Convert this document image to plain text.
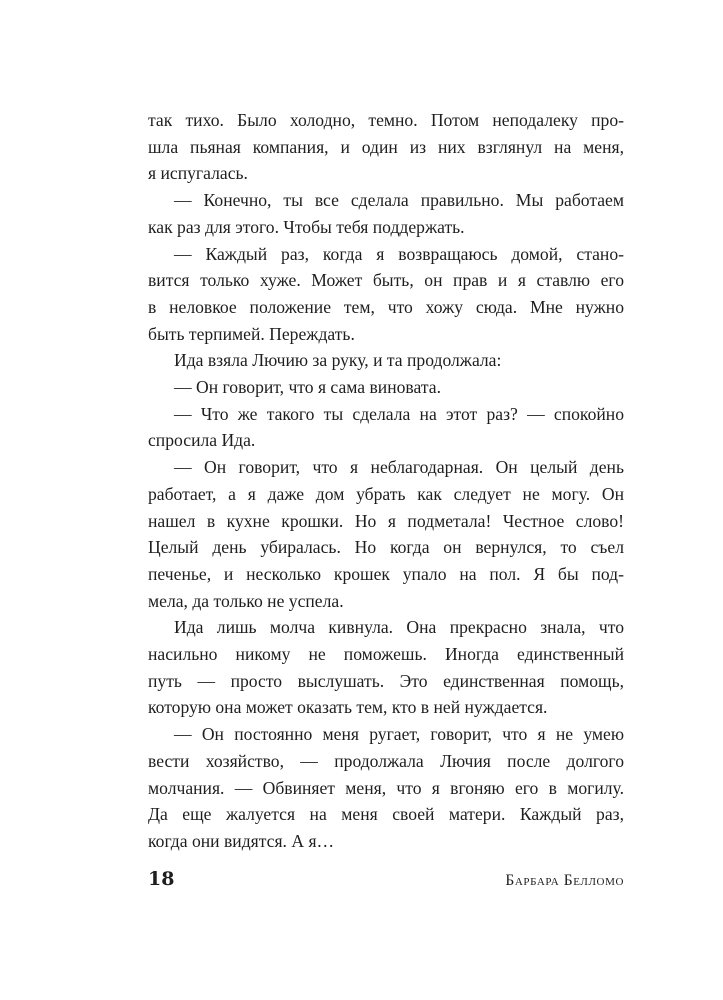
так тихо. Было холодно, темно. Потом неподалеку про-
шла пьяная компания, и один из них взглянул на меня,
я испугалась.
— Конечно, ты все сделала правильно. Мы работаем
как раз для этого. Чтобы тебя поддержать.
— Каждый раз, когда я возвращаюсь домой, стано-
вится только хуже. Может быть, он прав и я ставлю его
в неловкое положение тем, что хожу сюда. Мне нужно
быть терпимей. Переждать.
Ида взяла Лючию за руку, и та продолжала:
— Он говорит, что я сама виновата.
— Что же такого ты сделала на этот раз? — спокойно
спросила Ида.
— Он говорит, что я неблагодарная. Он целый день
работает, а я даже дом убрать как следует не могу. Он
нашел в кухне крошки. Но я подметала! Честное слово!
Целый день убиралась. Но когда он вернулся, то съел
печенье, и несколько крошек упало на пол. Я бы под-
мела, да только не успела.
Ида лишь молча кивнула. Она прекрасно знала, что
насильно никому не поможешь. Иногда единственный
путь — просто выслушать. Это единственная помощь,
которую она может оказать тем, кто в ней нуждается.
— Он постоянно меня ругает, говорит, что я не умею
вести хозяйство, — продолжала Лючия после долгого
молчания. — Обвиняет меня, что я вгоняю его в могилу.
Да еще жалуется на меня своей матери. Каждый раз,
когда они видятся. А я…
18	Барбара Белломо
